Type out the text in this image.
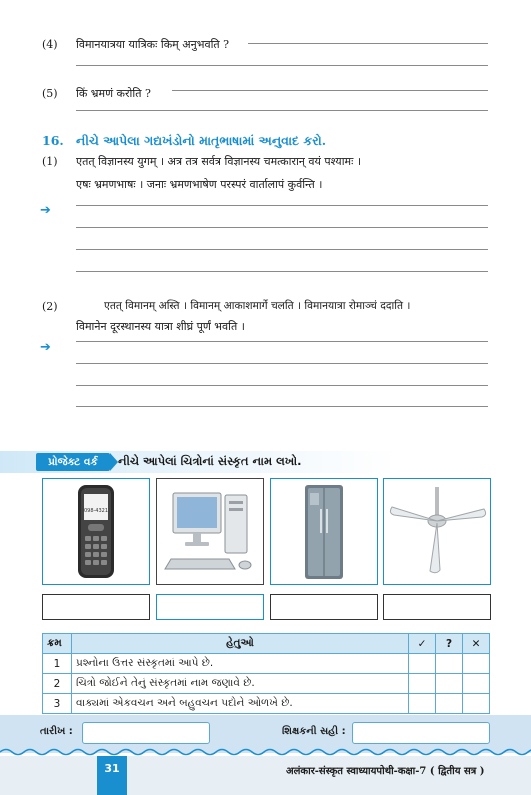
(4) विमानयात्रया यात्रिकः किम् अनुभवति ?
(5) किं भ्रमणं करोति ?
16. નીચે આપેલા ગદ્યખંડોનો માતૃભાષામાં અનુવાદ કરો.
(1) एतत् विज्ञानस्य युगम् । अत्र तत्र सर्वत्र विज्ञानस्य चमत्कारान् वयं पश्यामः ।
एषः भ्रमणभाषः । जनाः भ्रमणभाषेण परस्परं वार्तालापं कुर्वन्ति ।
➔
(2)	एतत् विमानम् अस्ति । विमानम् आकाशमार्गे चलति । विमानयात्रा रोमाञ्चं ददाति ।
विमानेन दूरस्थानस्य यात्रा शीघ्रं पूर्णं भवति ।
➔
પ્રોજેક્ટ વર્ક	નીચે આપેલાં ચિત્રોનાં સંસ્કૃત નામ લખો.
098-4321
ક્રમ	હેતુઓ	✓	?	✕
1	પ્રશ્નોના ઉત્તર સંસ્કૃતમાં આપે છે.			
2	ચિત્રો જોઈને તેનું સંસ્કૃતમાં નામ જણાવે છે.			
3	વાક્યમાં એકવચન અને બહુવચન પદોને ઓળખે છે.			
તારીખ :	શિક્ષકની સહી :
31	अलंकार-संस्कृत स्वाध्यायपोथी-कक्षा-7 ( द्वितीय सत्र )
